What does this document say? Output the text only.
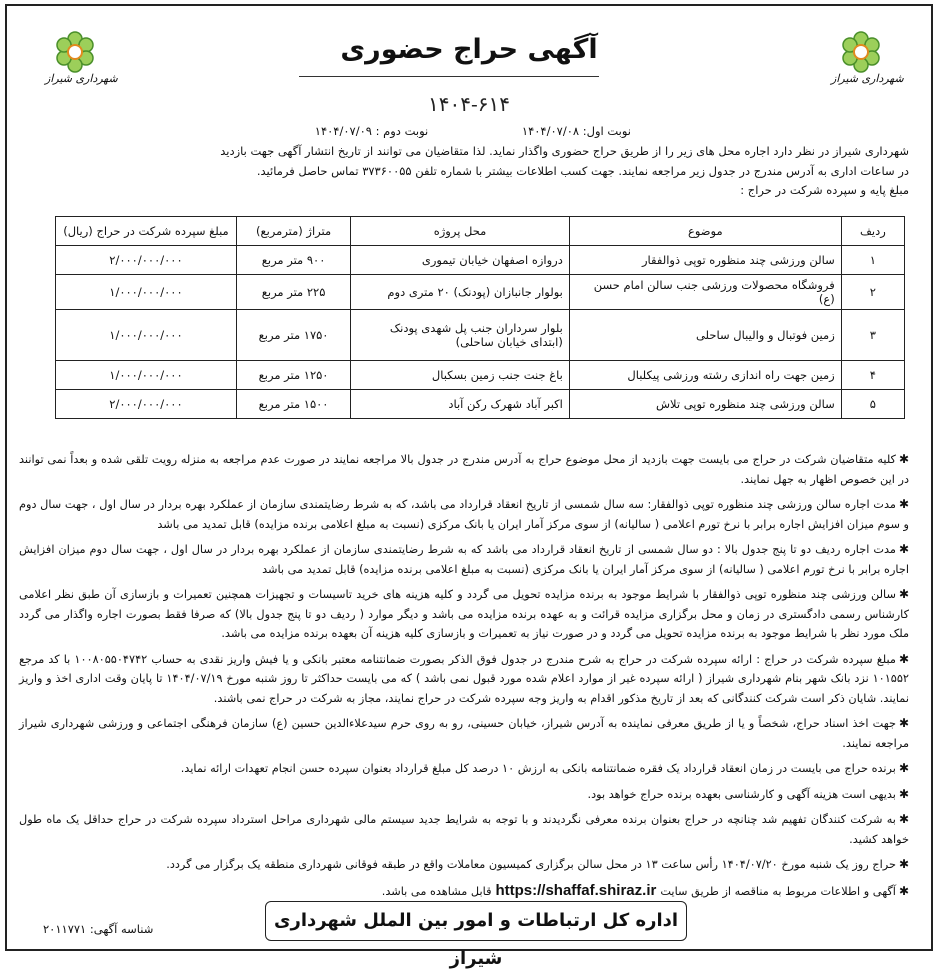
شهرداری شیراز
شهرداری شیراز
آگهی حراج حضوری
۱۴۰۴-۶۱۴
نوبت اول: ۱۴۰۴/۰۷/۰۸ نوبت دوم : ۱۴۰۴/۰۷/۰۹
شهرداری شیراز در نظر دارد اجاره محل های زیر را از طریق حراج حضوری واگذار نماید. لذا متقاضیان می توانند از تاریخ انتشار آگهی جهت بازدید
در ساعات اداری به آدرس مندرج در جدول زیر مراجعه نمایند. جهت کسب اطلاعات بیشتر با شماره تلفن ۳۷۳۶۰۰۵۵ تماس حاصل فرمائید.
مبلغ پایه و سپرده شرکت در حراج :
ردیف	موضوع	محل پروژه	متراژ (مترمربع)	مبلغ سپرده شرکت در حراج (ریال)
۱	سالن ورزشی چند منظوره توپی ذوالفقار	دروازه اصفهان خیابان تیموری	۹۰۰ متر مربع	۲/۰۰۰/۰۰۰/۰۰۰
۲	فروشگاه محصولات ورزشی جنب سالن امام حسن (ع)	بولوار جانبازان (پودنک) ۲۰ متری دوم	۲۲۵ متر مربع	۱/۰۰۰/۰۰۰/۰۰۰
۳	زمین فوتبال و والیبال ساحلی	بلوار سرداران جنب پل شهدی پودنک (ابتدای خیابان ساحلی)	۱۷۵۰ متر مربع	۱/۰۰۰/۰۰۰/۰۰۰
۴	زمین جهت راه اندازی رشته ورزشی پیکلبال	باغ جنت جنب زمین بسکبال	۱۲۵۰ متر مربع	۱/۰۰۰/۰۰۰/۰۰۰
۵	سالن ورزشی چند منظوره توپی تلاش	اکبر آباد شهرک رکن آباد	۱۵۰۰ متر مربع	۲/۰۰۰/۰۰۰/۰۰۰

✱کلیه متقاضیان شرکت در حراج می بایست جهت بازدید از محل موضوع حراج به آدرس مندرج در جدول بالا مراجعه نمایند در صورت عدم مراجعه به منزله رویت تلقی شده و بعداً نمی توانند در این خصوص اظهار به جهل نمایند.

✱مدت اجاره سالن ورزشی چند منظوره توپی ذوالفقار: سه سال شمسی از تاریخ انعقاد قرارداد می باشد، که به شرط رضایتمندی سازمان از عملکرد بهره بردار در سال اول ، جهت سال دوم و سوم میزان افزایش اجاره برابر با نرخ تورم اعلامی ( سالیانه) از سوی مرکز آمار ایران یا بانک مرکزی (نسبت به مبلغ اعلامی برنده مزایده) قابل تمدید می باشد

✱مدت اجاره ردیف دو تا پنج جدول بالا : دو سال شمسی از تاریخ انعقاد قرارداد می باشد که به شرط رضایتمندی سازمان از عملکرد بهره بردار در سال اول ، جهت سال دوم میزان افزایش اجاره برابر با نرخ تورم اعلامی ( سالیانه) از سوی مرکز آمار ایران یا بانک مرکزی (نسبت به مبلغ اعلامی برنده مزایده) قابل تمدید می باشد

✱سالن ورزشی چند منظوره توپی ذوالفقار با شرایط موجود به برنده مزایده تحویل می گردد و کلیه هزینه های خرید تاسیسات و تجهیزات همچنین تعمیرات و بازسازی آن طبق نظر اعلامی کارشناس رسمی دادگستری در زمان و محل برگزاری مزایده قرائت و به عهده برنده مزایده می باشد و دیگر موارد ( ردیف دو تا پنج جدول بالا) که صرفا فقط بصورت اجاره واگذار می گردد ملک مورد نظر با شرایط موجود به برنده مزایده تحویل می گردد و در صورت نیاز به تعمیرات و بازسازی کلیه هزینه آن بعهده برنده مزایده می باشد.

✱مبلغ سپرده شرکت در حراج : ارائه سپرده شرکت در حراج به شرح مندرج در جدول فوق الذکر بصورت ضمانتنامه معتبر بانکی و یا فیش واریز نقدی به حساب ۱۰۰۸۰۵۵۰۴۷۴۲ با کد مرجع ۱۰۱۵۵۲ نزد بانک شهر بنام شهرداری شیراز ( ارائه سپرده غیر از موارد اعلام شده مورد قبول نمی باشد ) که می بایست حداکثر تا روز شنبه مورخ ۱۴۰۴/۰۷/۱۹ تا پایان وقت اداری اخذ و واریز نمایند. شایان ذکر است شرکت کنندگانی که بعد از تاریخ مذکور اقدام به واریز وجه سپرده شرکت در حراج نمایند، مجاز به شرکت در حراج نمی باشند.

✱جهت اخذ اسناد حراج، شخصاً و یا از طریق معرفی نماینده به آدرس شیراز، خیابان حسینی، رو به روی حرم سیدعلاءالدین حسین (ع) سازمان فرهنگی اجتماعی و ورزشی شهرداری شیراز مراجعه نمایند.

✱برنده حراج می بایست در زمان انعقاد قرارداد یک فقره ضمانتنامه بانکی به ارزش ۱۰ درصد کل مبلغ قرارداد بعنوان سپرده حسن انجام تعهدات ارائه نماید.

✱بدیهی است هزینه آگهی و کارشناسی بعهده برنده حراج خواهد بود.

✱به شرکت کنندگان تفهیم شد چنانچه در حراج بعنوان برنده معرفی نگردیدند و با توجه به شرایط جدید سیستم مالی شهرداری مراحل استرداد سپرده شرکت در حراج حداقل یک ماه طول خواهد کشید.

✱حراج روز یک شنبه مورخ ۱۴۰۴/۰۷/۲۰ رأس ساعت ۱۳ در محل سالن برگزاری کمیسیون معاملات واقع در طبقه فوقانی شهرداری منطقه یک برگزار می گردد.

✱آگهی و اطلاعات مربوط به مناقصه از طریق سایتhttps://shaffaf.shiraz.irقابل مشاهده می باشد.

اداره کل ارتباطات و امور بین الملل شهرداری شیراز
شناسه آگهی: ۲۰۱۱۷۷۱
